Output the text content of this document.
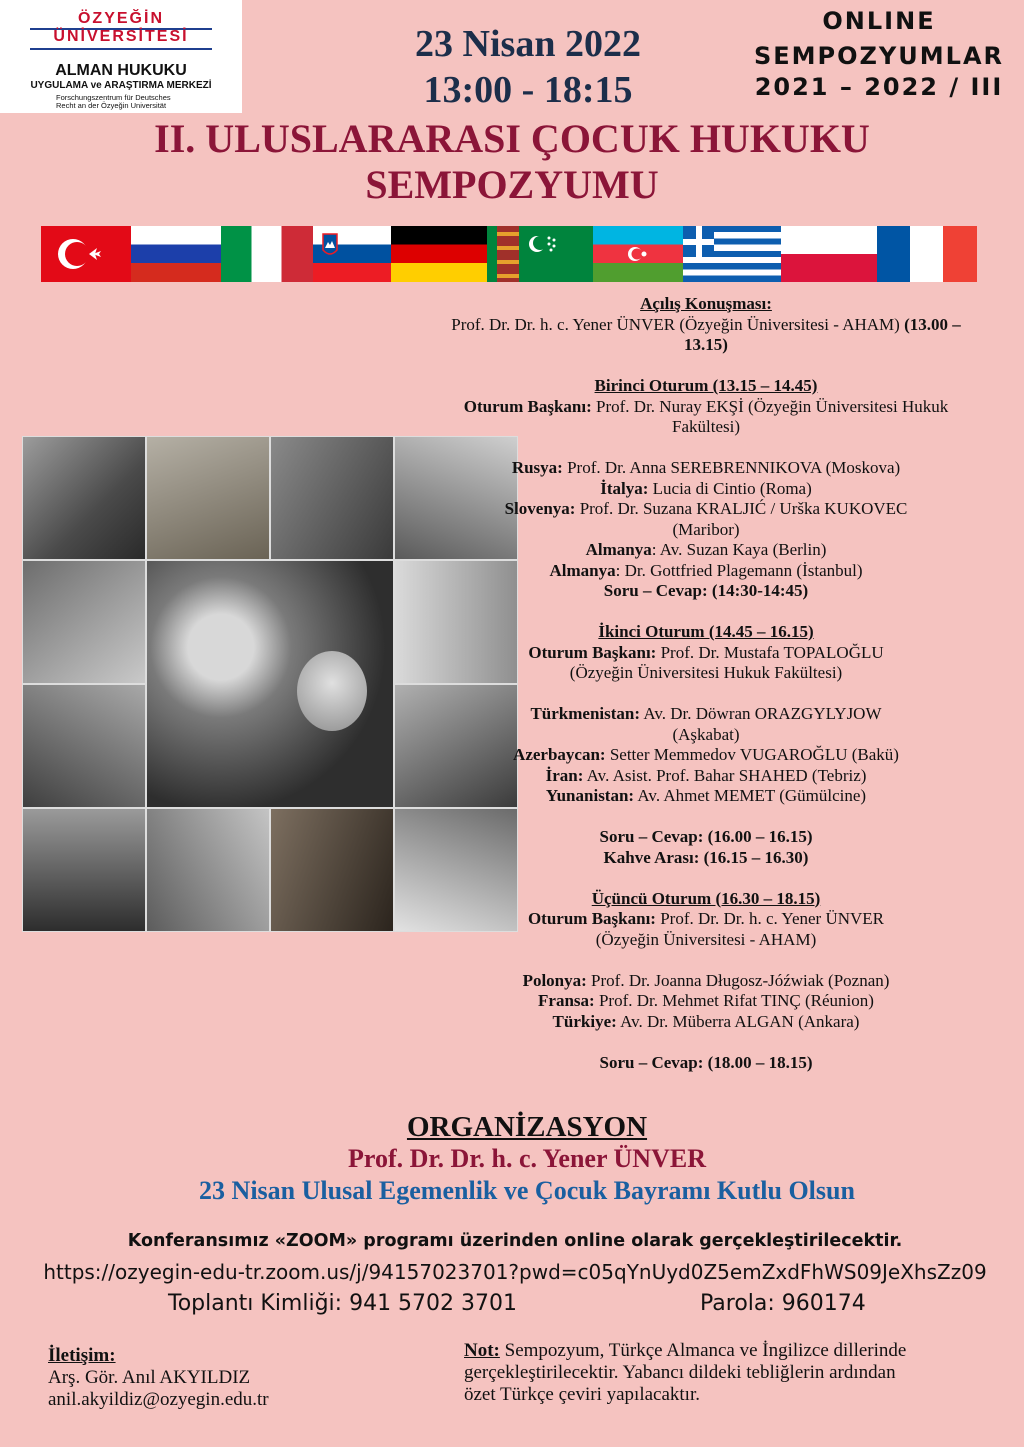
ÖZYEĞİN
ÜNİVERSİTESİ
ALMAN HUKUKU
UYGULAMA ve ARAŞTIRMA MERKEZİ
Forschungszentrum für Deutsches Recht an der Özyeğin Universität
23 Nisan 2022
13:00 - 18:15
ONLINE
SEMPOZYUMLAR
2021 – 2022 / III
II. ULUSLARARASI ÇOCUK HUKUKU
SEMPOZYUMU

Açılış Konuşması:

Prof. Dr. Dr. h. c. Yener ÜNVER (Özyeğin Üniversitesi - AHAM) (13.00 –

13.15)

Birinci Oturum (13.15 – 14.45)

Oturum Başkanı: Prof. Dr. Nuray EKŞİ (Özyeğin Üniversitesi Hukuk

Fakültesi)

Rusya: Prof. Dr. Anna SEREBRENNIKOVA (Moskova)

İtalya: Lucia di Cintio (Roma)

Slovenya: Prof. Dr. Suzana KRALJIĆ / Urška KUKOVEC

(Maribor)

Almanya: Av. Suzan Kaya (Berlin)

Almanya: Dr. Gottfried Plagemann (İstanbul)

Soru – Cevap: (14:30-14:45)

İkinci Oturum (14.45 – 16.15)

Oturum Başkanı: Prof. Dr. Mustafa TOPALOĞLU

(Özyeğin Üniversitesi Hukuk Fakültesi)

Türkmenistan: Av. Dr. Döwran ORAZGYLYJOW

(Aşkabat)

Azerbaycan: Setter Memmedov VUGAROĞLU (Bakü)

İran: Av. Asist. Prof. Bahar SHAHED (Tebriz)

Yunanistan: Av. Ahmet MEMET (Gümülcine)

Soru – Cevap: (16.00 – 16.15)

Kahve Arası: (16.15 – 16.30)

Üçüncü Oturum (16.30 – 18.15)

Oturum Başkanı: Prof. Dr. Dr. h. c. Yener ÜNVER

(Özyeğin Üniversitesi - AHAM)

Polonya: Prof. Dr. Joanna Długosz-Jóźwiak (Poznan)

Fransa: Prof. Dr. Mehmet Rifat TINÇ (Réunion)

Türkiye: Av. Dr. Müberra ALGAN (Ankara)

Soru – Cevap: (18.00 – 18.15)

ORGANİZASYON
Prof. Dr. Dr. h. c. Yener ÜNVER
23 Nisan Ulusal Egemenlik ve Çocuk Bayramı Kutlu Olsun
Konferansımız «ZOOM» programı üzerinden online olarak gerçekleştirilecektir.
https://ozyegin-edu-tr.zoom.us/j/94157023701?pwd=c05qYnUyd0Z5emZxdFhWS09JeXhsZz09
Toplantı Kimliği: 941 5702 3701	Parola: 960174
İletişim:
Arş. Gör. Anıl AKYILDIZ
anil.akyildiz@ozyegin.edu.tr
Not: Sempozyum, Türkçe Almanca ve İngilizce dillerinde
gerçekleştirilecektir. Yabancı dildeki tebliğlerin ardından
özet Türkçe çeviri yapılacaktır.
